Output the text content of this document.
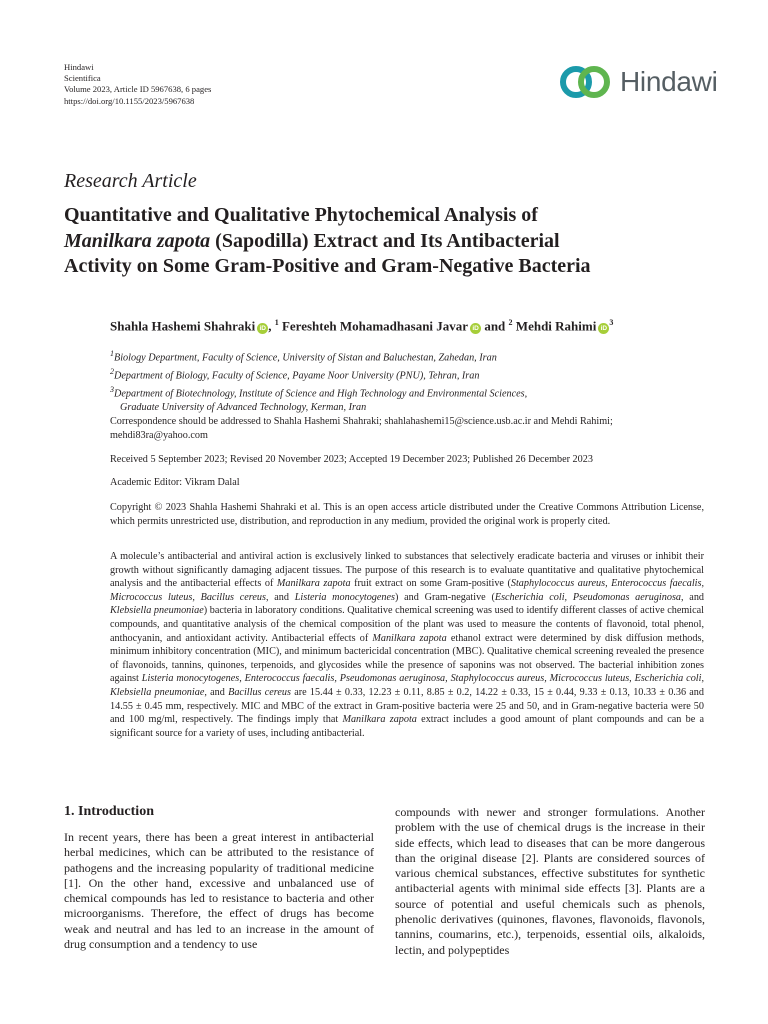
Hindawi
Scientifica
Volume 2023, Article ID 5967638, 6 pages
https://doi.org/10.1155/2023/5967638
Hindawi
Research Article
Quantitative and Qualitative Phytochemical Analysis of
Manilkara zapota (Sapodilla) Extract and Its Antibacterial
Activity on Some Gram-Positive and Gram-Negative Bacteria
Shahla Hashemi Shahraki iD , $^1$ Fereshteh Mohamadhasani Javar iD and $^2$ Mehdi Rahimi $iD^3$
$^1$Biology Department, Faculty of Science, University of Sistan and Baluchestan, Zahedan, Iran
$^2$Department of Biology, Faculty of Science, Payame Noor University (PNU), Tehran, Iran
$^3$Department of Biotechnology, Institute of Science and High Technology and Environmental Sciences,
Graduate University of Advanced Technology, Kerman, Iran
Correspondence should be addressed to Shahla Hashemi Shahraki; shahlahashemi15@science.usb.ac.ir and Mehdi Rahimi; mehdi83ra@yahoo.com
Received 5 September 2023; Revised 20 November 2023; Accepted 19 December 2023; Published 26 December 2023
Academic Editor: Vikram Dalal
Copyright © 2023 Shahla Hashemi Shahraki et al. This is an open access article distributed under the Creative Commons Attribution License, which permits unrestricted use, distribution, and reproduction in any medium, provided the original work is properly cited.
A molecule’s antibacterial and antiviral action is exclusively linked to substances that selectively eradicate bacteria and viruses or inhibit their growth without significantly damaging adjacent tissues. The purpose of this research is to evaluate quantitative and qualitative phytochemical analysis and the antibacterial effects of Manilkara zapota fruit extract on some Gram-positive (Staphylococcus aureus, Enterococcus faecalis, Micrococcus luteus, Bacillus cereus, and Listeria monocytogenes) and Gram-negative (Escherichia coli, Pseudomonas aeruginosa, and Klebsiella pneumoniae) bacteria in laboratory conditions. Qualitative chemical screening was used to identify different classes of active chemical compounds, and quantitative analysis of the chemical composition of the plant was used to measure the contents of flavonoid, total phenol, anthocyanin, and antioxidant activity. Antibacterial effects of Manilkara zapota ethanol extract were determined by disk diffusion methods, minimum inhibitory concentration (MIC), and minimum bactericidal concentration (MBC). Qualitative chemical screening revealed the presence of flavonoids, tannins, quinones, terpenoids, and glycosides while the presence of saponins was not observed. The bacterial inhibition zones against Listeria monocytogenes, Enterococcus faecalis, Pseudomonas aeruginosa, Staphylococcus aureus, Micrococcus luteus, Escherichia coli, Klebsiella pneumoniae, and Bacillus cereus are 15.44 ± 0.33, 12.23 ± 0.11, 8.85 ± 0.2, 14.22 ± 0.33, 15 ± 0.44, 9.33 ± 0.13, 10.33 ± 0.36 and 14.55 ± 0.45 mm, respectively. MIC and MBC of the extract in Gram-positive bacteria were 25 and 50, and in Gram-negative bacteria were 50 and 100 mg/ml, respectively. The findings imply that Manilkara zapota extract includes a good amount of plant compounds and can be a significant source for a variety of uses, including antibacterial.
1. Introduction
In recent years, there has been a great interest in antibacterial herbal medicines, which can be attributed to the resistance of pathogens and the increasing popularity of traditional medicine [1]. On the other hand, excessive and unbalanced use of chemical compounds has led to resistance to bacteria and other microorganisms. Therefore, the effect of drugs has become weak and neutral and has led to an increase in the amount of drug consumption and a tendency to use
compounds with newer and stronger formulations. Another problem with the use of chemical drugs is the increase in their side effects, which lead to diseases that can be more dangerous than the original disease [2]. Plants are considered sources of various chemical substances, effective substitutes for synthetic antibacterial agents with minimal side effects [3]. Plants are a source of potential and useful chemicals such as phenols, phenolic derivatives (quinones, flavones, flavonoids, flavonols, tannins, coumarins, etc.), terpenoids, essential oils, alkaloids, lectin, and polypeptides
